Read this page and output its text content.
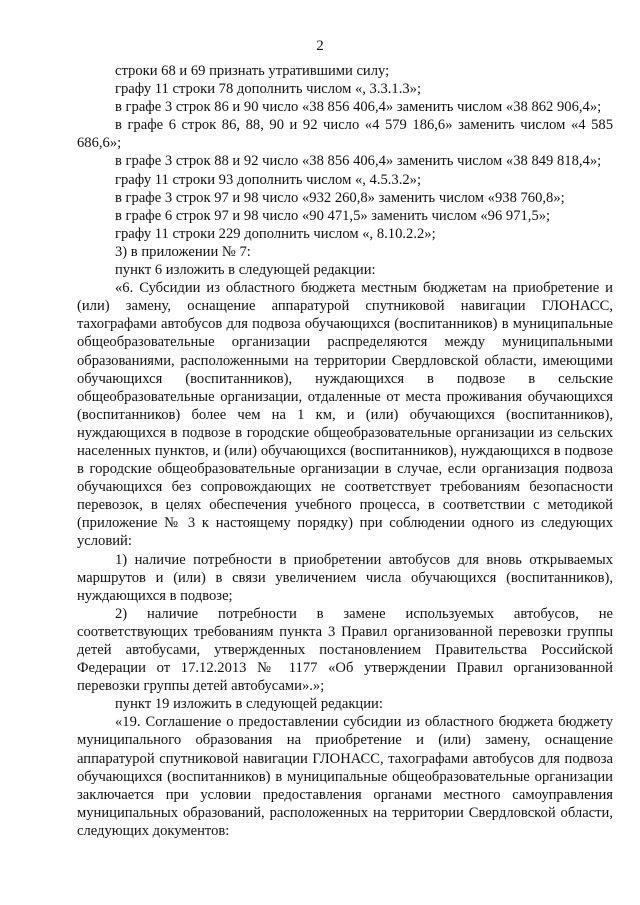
2

строки 68 и 69 признать утратившими силу;

графу 11 строки 78 дополнить числом «, 3.3.1.3»;

в графе 3 строк 86 и 90 число «38 856 406,4» заменить числом «38 862 906,4»;

в графе 6 строк 86, 88, 90 и 92 число «4 579 186,6» заменить числом «4 585 686,6»;

в графе 3 строк 88 и 92 число «38 856 406,4» заменить числом «38 849 818,4»;

графу 11 строки 93 дополнить числом «, 4.5.3.2»;

в графе 3 строк 97 и 98 число «932 260,8» заменить числом «938 760,8»;

в графе 6 строк 97 и 98 число «90 471,5» заменить числом «96 971,5»;

графу 11 строки 229 дополнить числом «, 8.10.2.2»;

3) в приложении № 7:

пункт 6 изложить в следующей редакции:

«6. Субсидии из областного бюджета местным бюджетам на приобретение и (или) замену, оснащение аппаратурой спутниковой навигации ГЛОНАСС, тахографами автобусов для подвоза обучающихся (воспитанников) в муниципальные общеобразовательные организации распределяются между муниципальными образованиями, расположенными на территории Свердловской области, имеющими обучающихся (воспитанников), нуждающихся в подвозе в сельские общеобразовательные организации, отдаленные от места проживания обучающихся (воспитанников) более чем на 1 км, и (или) обучающихся (воспитанников), нуждающихся в подвозе в городские общеобразовательные организации из сельских населенных пунктов, и (или) обучающихся (воспитанников), нуждающихся в подвозе в городские общеобразовательные организации в случае, если организация подвоза обучающихся без сопровождающих не соответствует требованиям безопасности перевозок, в целях обеспечения учебного процесса, в соответствии с методикой (приложение № 3 к настоящему порядку) при соблюдении одного из следующих условий:

1) наличие потребности в приобретении автобусов для вновь открываемых маршрутов и (или) в связи увеличением числа обучающихся (воспитанников), нуждающихся в подвозе;

2) наличие потребности в замене используемых автобусов, не соответствующих требованиям пункта 3 Правил организованной перевозки группы детей автобусами, утвержденных постановлением Правительства Российской Федерации от 17.12.2013 № 1177 «Об утверждении Правил организованной перевозки группы детей автобусами».»;

пункт 19 изложить в следующей редакции:

«19. Соглашение о предоставлении субсидии из областного бюджета бюджету муниципального образования на приобретение и (или) замену, оснащение аппаратурой спутниковой навигации ГЛОНАСС, тахографами автобусов для подвоза обучающихся (воспитанников) в муниципальные общеобразовательные организации заключается при условии предоставления органами местного самоуправления муниципальных образований, расположенных на территории Свердловской области, следующих документов:
